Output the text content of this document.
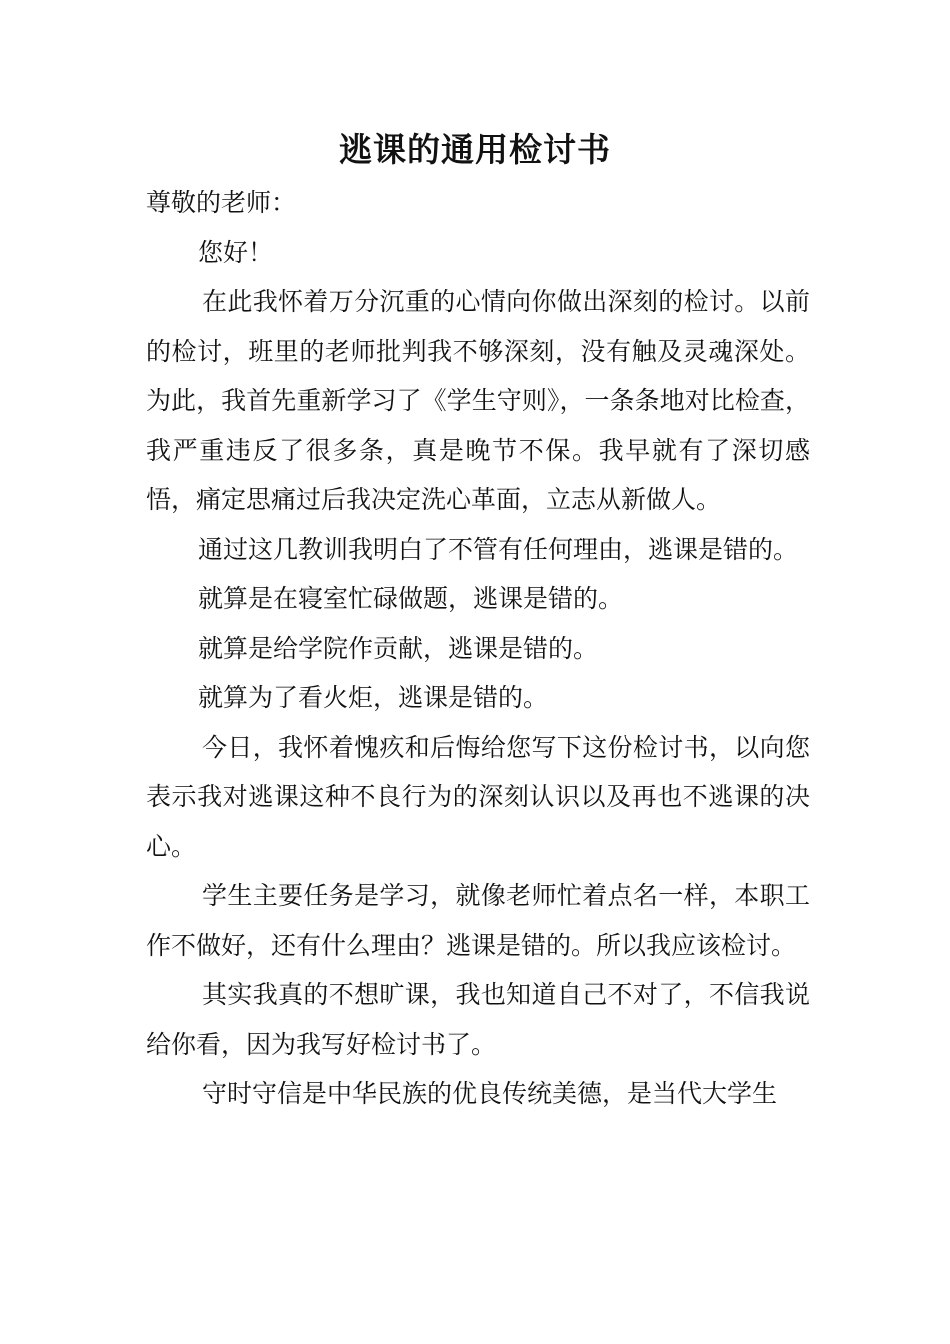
逃课的通用检讨书

尊敬的老师：

您好！

在此我怀着万分沉重的心情向你做出深刻的检讨。以前的检讨，班里的老师批判我不够深刻，没有触及灵魂深处。为此，我首先重新学习了《学生守则》，一条条地对比检查，我严重违反了很多条，真是晚节不保。我早就有了深切感悟，痛定思痛过后我决定洗心革面，立志从新做人。

通过这几教训我明白了不管有任何理由，逃课是错的。

就算是在寝室忙碌做题，逃课是错的。

就算是给学院作贡献，逃课是错的。

就算为了看火炬，逃课是错的。

今日，我怀着愧疚和后悔给您写下这份检讨书，以向您表示我对逃课这种不良行为的深刻认识以及再也不逃课的决心。

学生主要任务是学习，就像老师忙着点名一样，本职工作不做好，还有什么理由？逃课是错的。所以我应该检讨。

其实我真的不想旷课，我也知道自己不对了，不信我说给你看，因为我写好检讨书了。

守时守信是中华民族的优良传统美德，是当代大学生
